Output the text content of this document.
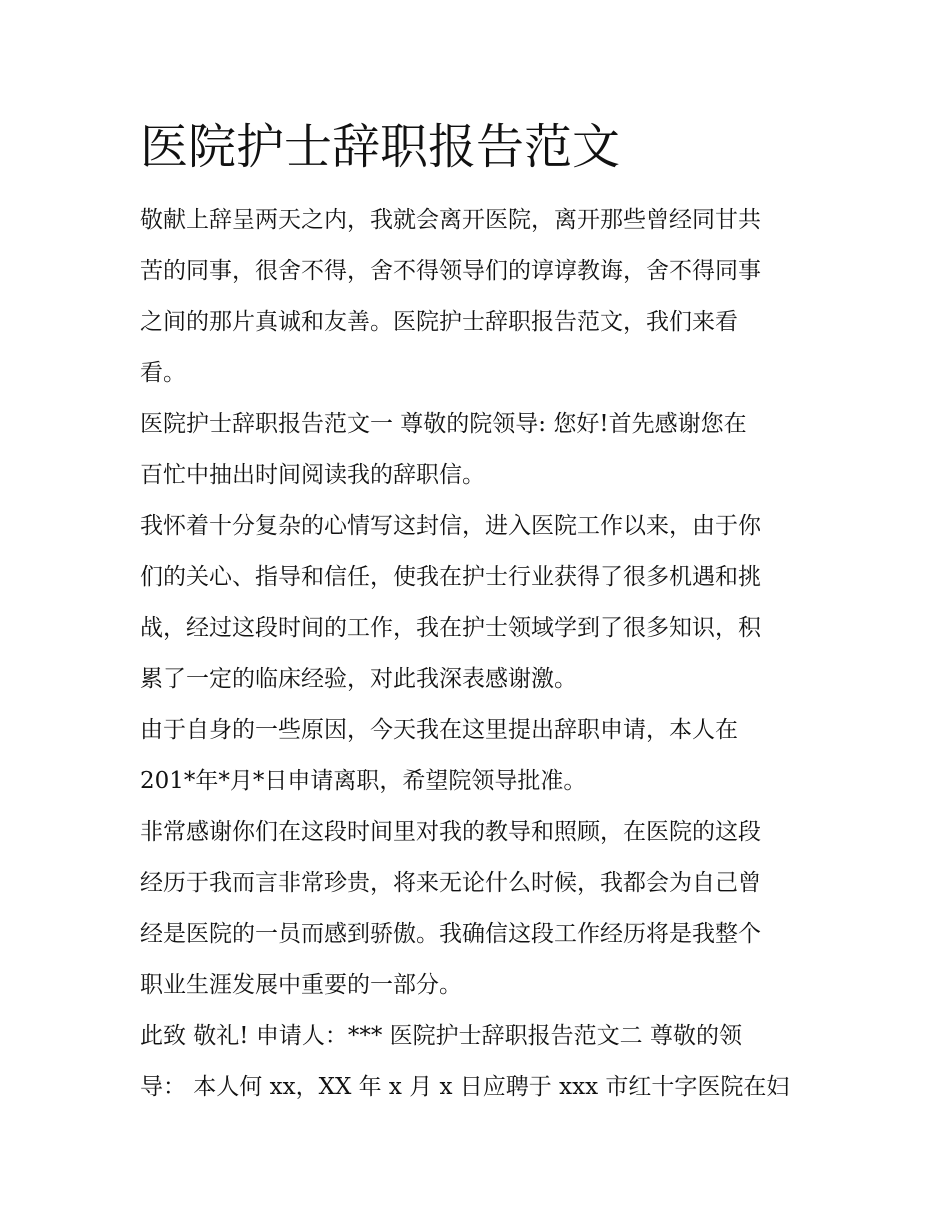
医院护士辞职报告范文

敬献上辞呈两天之内，我就会离开医院，离开那些曾经同甘共
苦的同事，很舍不得，舍不得领导们的谆谆教诲，舍不得同事
之间的那片真诚和友善。医院护士辞职报告范文，我们来看
看。

医院护士辞职报告范文一 尊敬的院领导: 您好!首先感谢您在
百忙中抽出时间阅读我的辞职信。

我怀着十分复杂的心情写这封信，进入医院工作以来，由于你
们的关心、指导和信任，使我在护士行业获得了很多机遇和挑
战，经过这段时间的工作，我在护士领域学到了很多知识，积
累了一定的临床经验，对此我深表感谢激。

由于自身的一些原因，今天我在这里提出辞职申请，本人在
201*年*月*日申请离职，希望院领导批准。

非常感谢你们在这段时间里对我的教导和照顾，在医院的这段
经历于我而言非常珍贵，将来无论什么时候，我都会为自己曾
经是医院的一员而感到骄傲。我确信这段工作经历将是我整个
职业生涯发展中重要的一部分。

此致 敬礼! 申请人：*** 医院护士辞职报告范文二 尊敬的领
导： 本人何 xx，XX 年 x 月 x 日应聘于 xxx 市红十字医院在妇
